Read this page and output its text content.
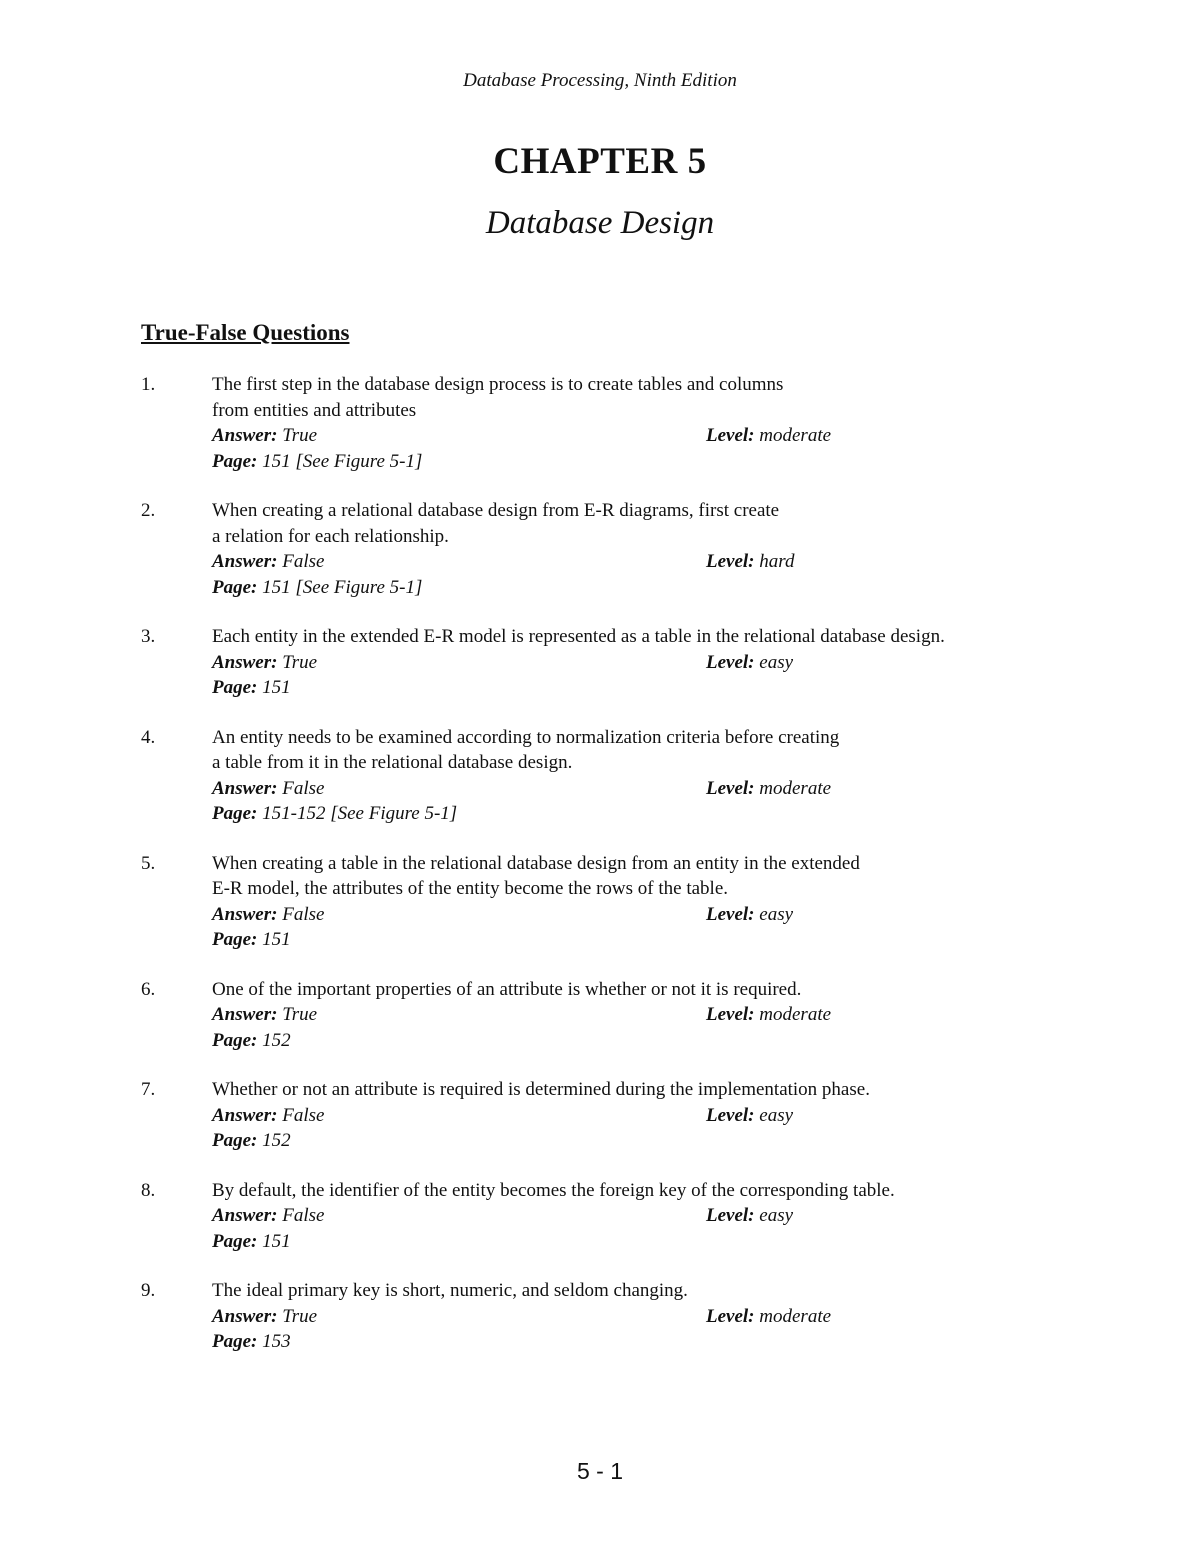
Database Processing, Ninth Edition
CHAPTER 5
Database Design
True-False Questions
1.	The first step in the database design process is to create tables and columns
from entities and attributes
Answer: True	Level: moderate
Page: 151 [See Figure 5-1]
2.	When creating a relational database design from E-R diagrams, first create
a relation for each relationship.
Answer: False	Level: hard
Page: 151 [See Figure 5-1]
3.	Each entity in the extended E-R model is represented as a table in the relational database design.
Answer: True	Level: easy
Page: 151
4.	An entity needs to be examined according to normalization criteria before creating
a table from it in the relational database design.
Answer: False	Level: moderate
Page: 151-152 [See Figure 5-1]
5.	When creating a table in the relational database design from an entity in the extended
E-R model, the attributes of the entity become the rows of the table.
Answer: False	Level: easy
Page: 151
6.	One of the important properties of an attribute is whether or not it is required.
Answer: True	Level: moderate
Page: 152
7.	Whether or not an attribute is required is determined during the implementation phase.
Answer: False	Level: easy
Page: 152
8.	By default, the identifier of the entity becomes the foreign key of the corresponding table.
Answer: False	Level: easy
Page: 151
9.	The ideal primary key is short, numeric, and seldom changing.
Answer: True	Level: moderate
Page: 153
5 - 1
